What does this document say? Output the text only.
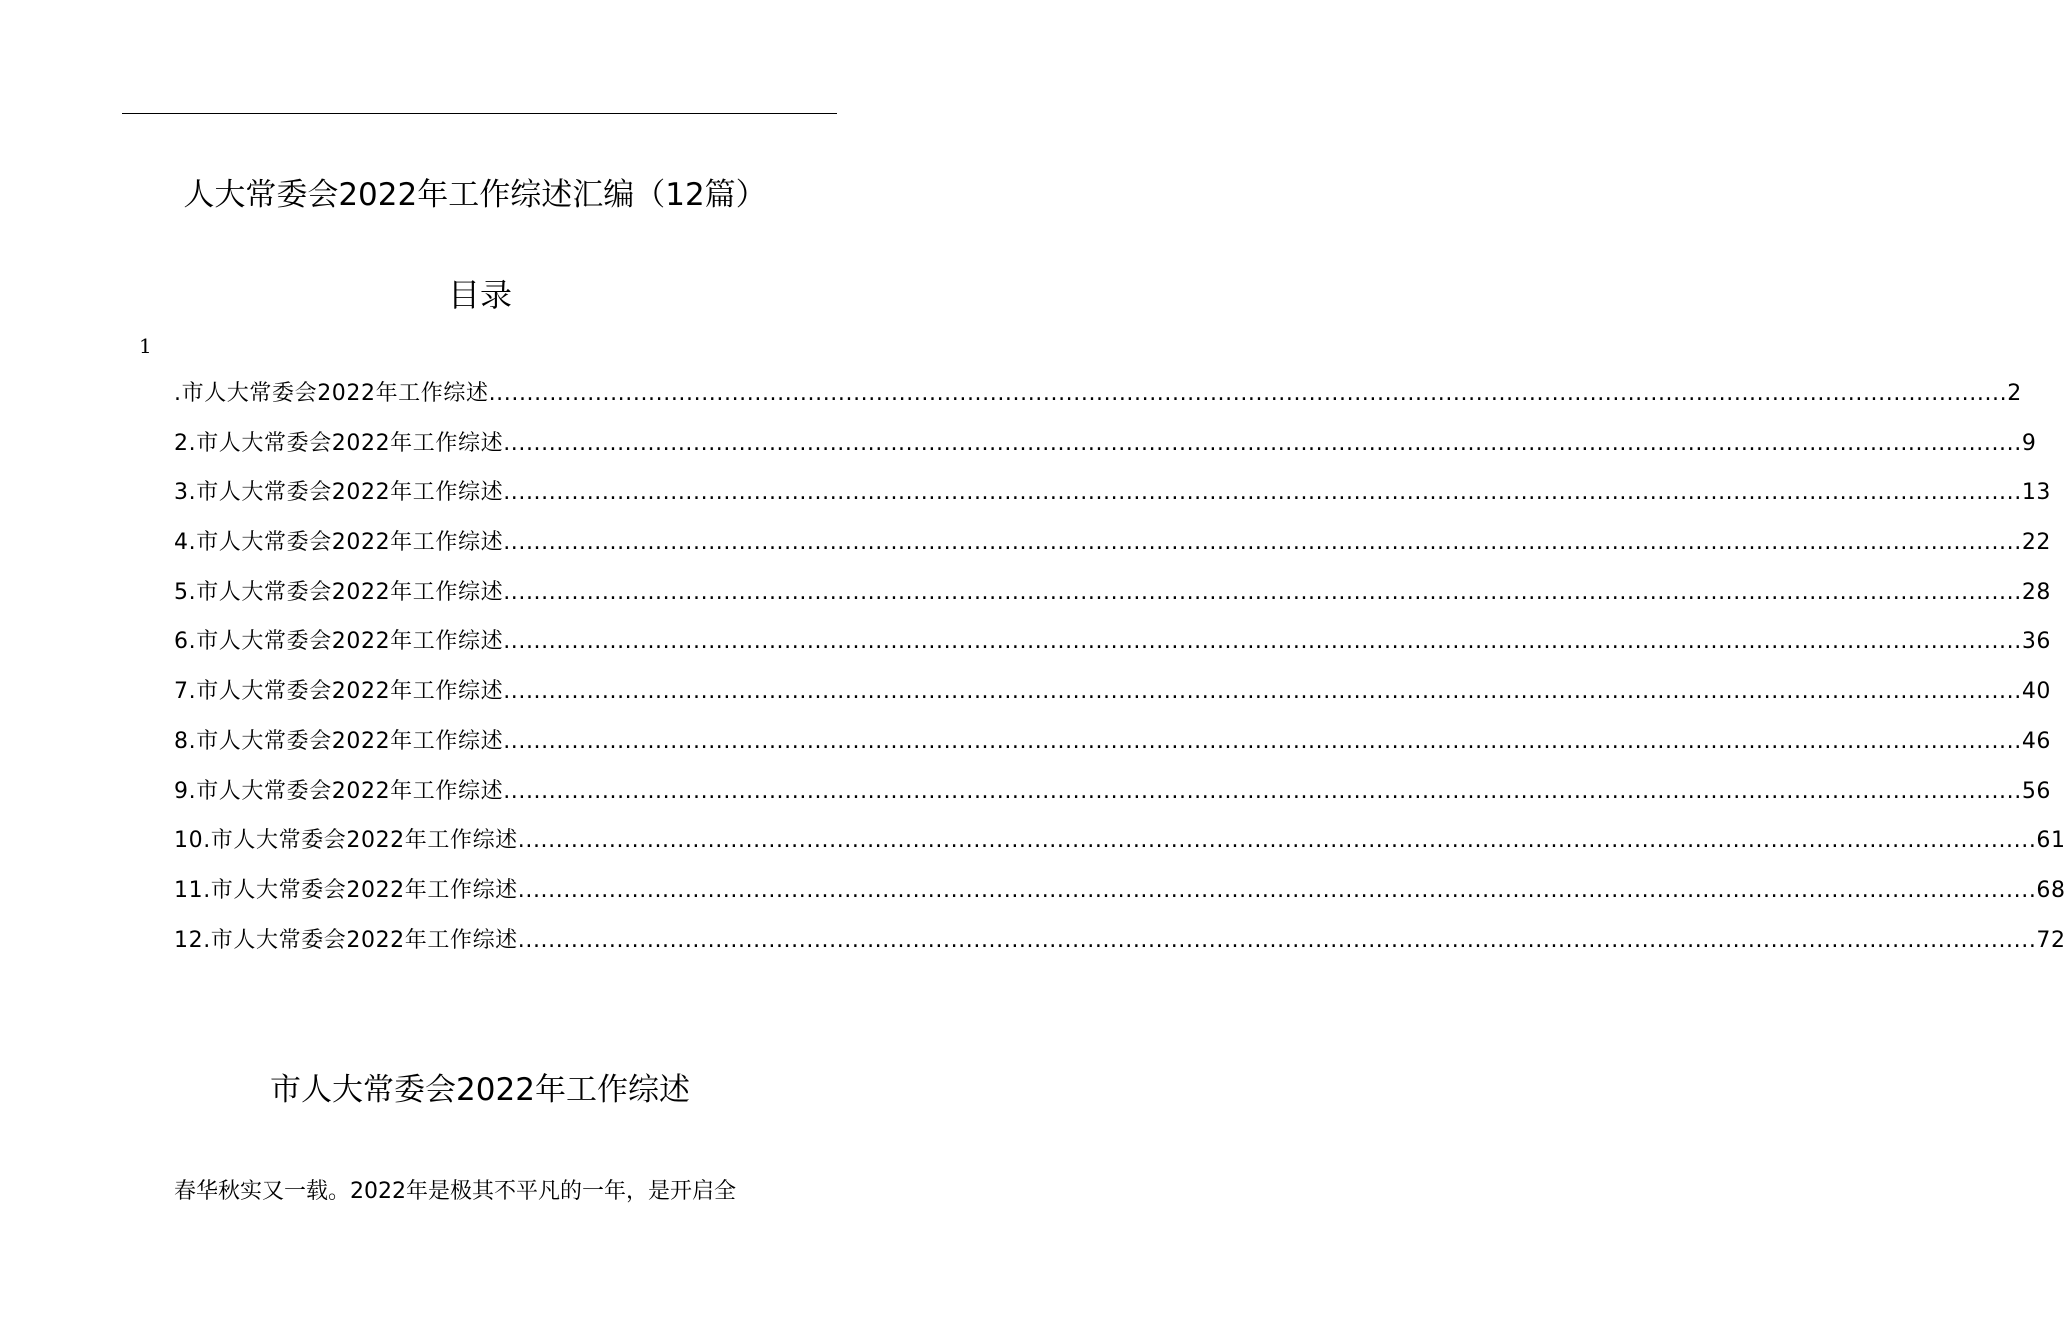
人大常委会2022年工作综述汇编（12篇）
目录
1
.市人大常委会2022年工作综述 ........................................................................................................................................................................................................ 2
2.市人大常委会2022年工作综述 ........................................................................................................................................................................................................ 9
3.市人大常委会2022年工作综述 ........................................................................................................................................................................................................ 13
4.市人大常委会2022年工作综述 ........................................................................................................................................................................................................ 22
5.市人大常委会2022年工作综述 ........................................................................................................................................................................................................ 28
6.市人大常委会2022年工作综述 ........................................................................................................................................................................................................ 36
7.市人大常委会2022年工作综述 ........................................................................................................................................................................................................ 40
8.市人大常委会2022年工作综述 ........................................................................................................................................................................................................ 46
9.市人大常委会2022年工作综述 ........................................................................................................................................................................................................ 56
10.市人大常委会2022年工作综述 ........................................................................................................................................................................................................ 61
11.市人大常委会2022年工作综述 ........................................................................................................................................................................................................ 68
12.市人大常委会2022年工作综述 ........................................................................................................................................................................................................ 72
市人大常委会2022年工作综述
春华秋实又一载。2022年是极其不平凡的一年，是开启全
